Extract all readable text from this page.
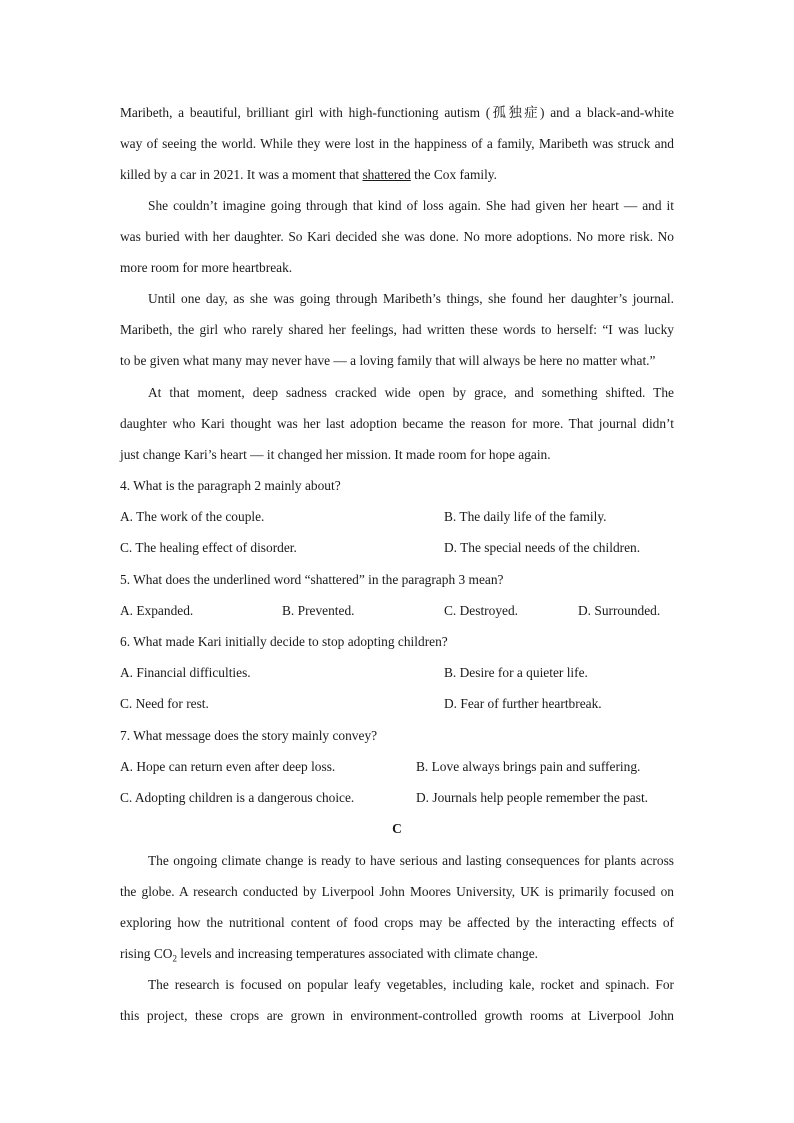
Maribeth, a beautiful, brilliant girl with high-functioning autism (孤独症) and a black-and-white
way of seeing the world. While they were lost in the happiness of a family, Maribeth was struck and
killed by a car in 2021. It was a moment that shattered the Cox family.
She couldn’t imagine going through that kind of loss again. She had given her heart — and it
was buried with her daughter. So Kari decided she was done. No more adoptions. No more risk. No
more room for more heartbreak.
Until one day, as she was going through Maribeth’s things, she found her daughter’s journal.
Maribeth, the girl who rarely shared her feelings, had written these words to herself: “I was lucky
to be given what many may never have — a loving family that will always be here no matter what.”
At that moment, deep sadness cracked wide open by grace, and something shifted. The
daughter who Kari thought was her last adoption became the reason for more. That journal didn’t
just change Kari’s heart — it changed her mission. It made room for hope again.
4. What is the paragraph 2 mainly about?
A. The work of the couple.	B. The daily life of the family.
C. The healing effect of disorder.	D. The special needs of the children.
5. What does the underlined word “shattered” in the paragraph 3 mean?
A. Expanded.	B. Prevented.	C. Destroyed.	D. Surrounded.
6. What made Kari initially decide to stop adopting children?
A. Financial difficulties.	B. Desire for a quieter life.
C. Need for rest.	D. Fear of further heartbreak.
7. What message does the story mainly convey?
A. Hope can return even after deep loss.	B. Love always brings pain and suffering.
C. Adopting children is a dangerous choice.	D. Journals help people remember the past.
C
The ongoing climate change is ready to have serious and lasting consequences for plants across
the globe. A research conducted by Liverpool John Moores University, UK is primarily focused on
exploring how the nutritional content of food crops may be affected by the interacting effects of
rising $CO_2$ levels and increasing temperatures associated with climate change.
The research is focused on popular leafy vegetables, including kale, rocket and spinach. For
this project, these crops are grown in environment-controlled growth rooms at Liverpool John
